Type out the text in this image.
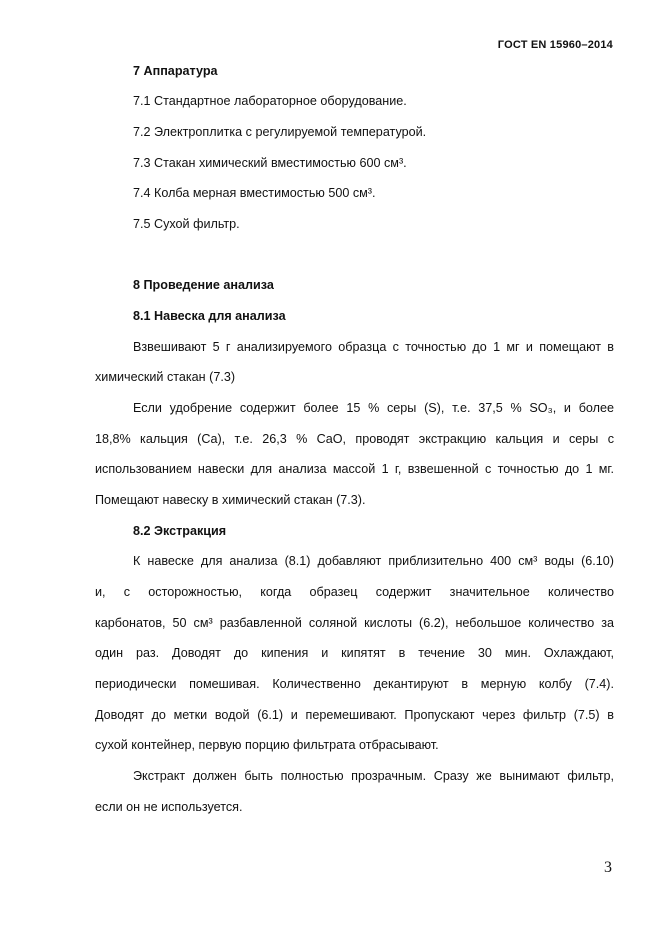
ГОСТ EN 15960–2014
7 Аппаратура
7.1 Стандартное лабораторное оборудование.
7.2 Электроплитка с регулируемой температурой.
7.3 Стакан химический вместимостью 600 см³.
7.4 Колба мерная вместимостью 500 см³.
7.5 Сухой фильтр.
8 Проведение анализа
8.1 Навеска для анализа
Взвешивают 5 г анализируемого образца с точностью до 1 мг и помещают в
химический стакан (7.3)
Если удобрение содержит более 15 % серы (S), т.е. 37,5 % SO₃, и более
18,8% кальция (Ca), т.е. 26,3 % CaO, проводят экстракцию кальция и серы с
использованием навески для анализа массой 1 г, взвешенной с точностью до 1 мг.
Помещают навеску в химический стакан (7.3).
8.2 Экстракция
К навеске для анализа (8.1) добавляют приблизительно 400 см³ воды (6.10)
и, с осторожностью, когда образец содержит значительное количество
карбонатов, 50 см³ разбавленной соляной кислоты (6.2), небольшое количество за
один раз. Доводят до кипения и кипятят в течение 30 мин. Охлаждают,
периодически помешивая. Количественно декантируют в мерную колбу (7.4).
Доводят до метки водой (6.1) и перемешивают. Пропускают через фильтр (7.5) в
сухой контейнер, первую порцию фильтрата отбрасывают.
Экстракт должен быть полностью прозрачным. Сразу же вынимают фильтр,
если он не используется.
3
